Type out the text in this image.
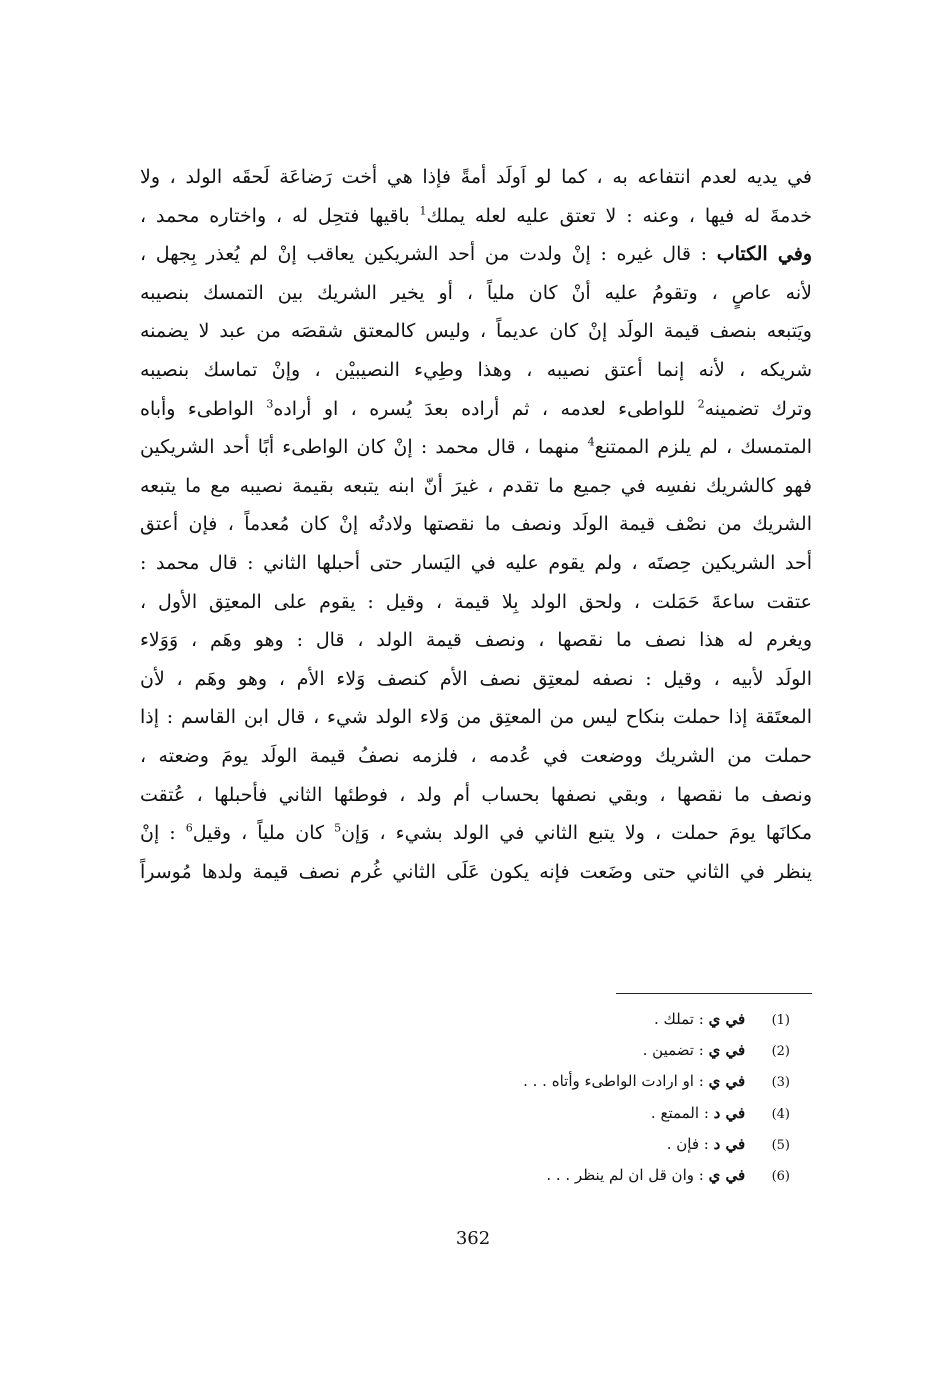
في يديه لعدم انتفاعه به ، كما لو اَولَد أمةً فإذا هي أخت رَضاعَة لَحقَه الولد ، ولا
خدمةَ له فيها ، وعنه : لا تعتق عليه لعله يملك$^1$ باقيها فتحِل له ، واختاره محمد ،
وفي الكتاب : قال غيره : إنْ ولدت من أحد الشريكين يعاقب إنْ لم يُعذر بِجهل ،
لأنه عاصٍ ، وتقومُ عليه أنْ كان ملياً ، أو يخير الشريك بين التمسك بنصيبه
ويَتبعه بنصف قيمة الولَد إنْ كان عديماً ، وليس كالمعتق شقصَه من عبد لا يضمنه
شريكه ، لأنه إنما أعتق نصيبه ، وهذا وطِيء النصيبيْن ، وإنْ تماسك بنصيبه
وترك تضمينه$^2$ للواطىء لعدمه ، ثم أراده بعدَ يُسره ، او أراده$^3$ الواطىء وأباه
المتمسك ، لم يلزم الممتنع$^4$ منهما ، قال محمد : إنْ كان الواطىء أبًا أحد الشريكين
فهو كالشريك نفسِه في جميع ما تقدم ، غيرَ أنّ ابنه يتبعه بقيمة نصيبه مع ما يتبعه
الشريك من نصْف قيمة الولَد ونصف ما نقصتها ولادتُه إنْ كان مُعدماً ، فإن أعتق
أحد الشريكين حِصتَه ، ولم يقوم عليه في اليَسار حتى أحبلها الثاني : قال محمد :
عتقت ساعةَ حَمَلت ، ولحق الولد بِلا قيمة ، وقيل : يقوم على المعتِق الأول ،
ويغرم له هذا نصف ما نقصها ، ونصف قيمة الولد ، قال : وهو وهَم ، وَوَلاء
الولَد لأبيه ، وقيل : نصفه لمعتِق نصف الأم كنصف وَلاء الأم ، وهو وهَم ، لأن
المعتَقة إذا حملت بنكاح ليس من المعتِق من وَلاء الولد شيء ، قال ابن القاسم : إذا
حملت من الشريك ووضعت في عُدمه ، فلزمه نصفُ قيمة الولَد يومَ وضعته ،
ونصف ما نقصها ، وبقي نصفها بحساب أم ولد ، فوطئها الثاني فأحبلها ، عُتقت
مكانَها يومَ حملت ، ولا يتبع الثاني في الولد بشيء ، وَإن$^5$ كان ملياً ، وقيل$^6$ : إنْ
ينظر في الثاني حتى وضَعت فإنه يكون عَلَى الثاني غُرم نصف قيمة ولدها مُوسراً
(1) في ي : تملك .
(2) في ي : تضمين .
(3) في ي : او ارادت الواطىء وأتاه . . .
(4) في د : الممتع .
(5) في د : فإن .
(6) في ي : وان قل ان لم ينظر . . .
362
